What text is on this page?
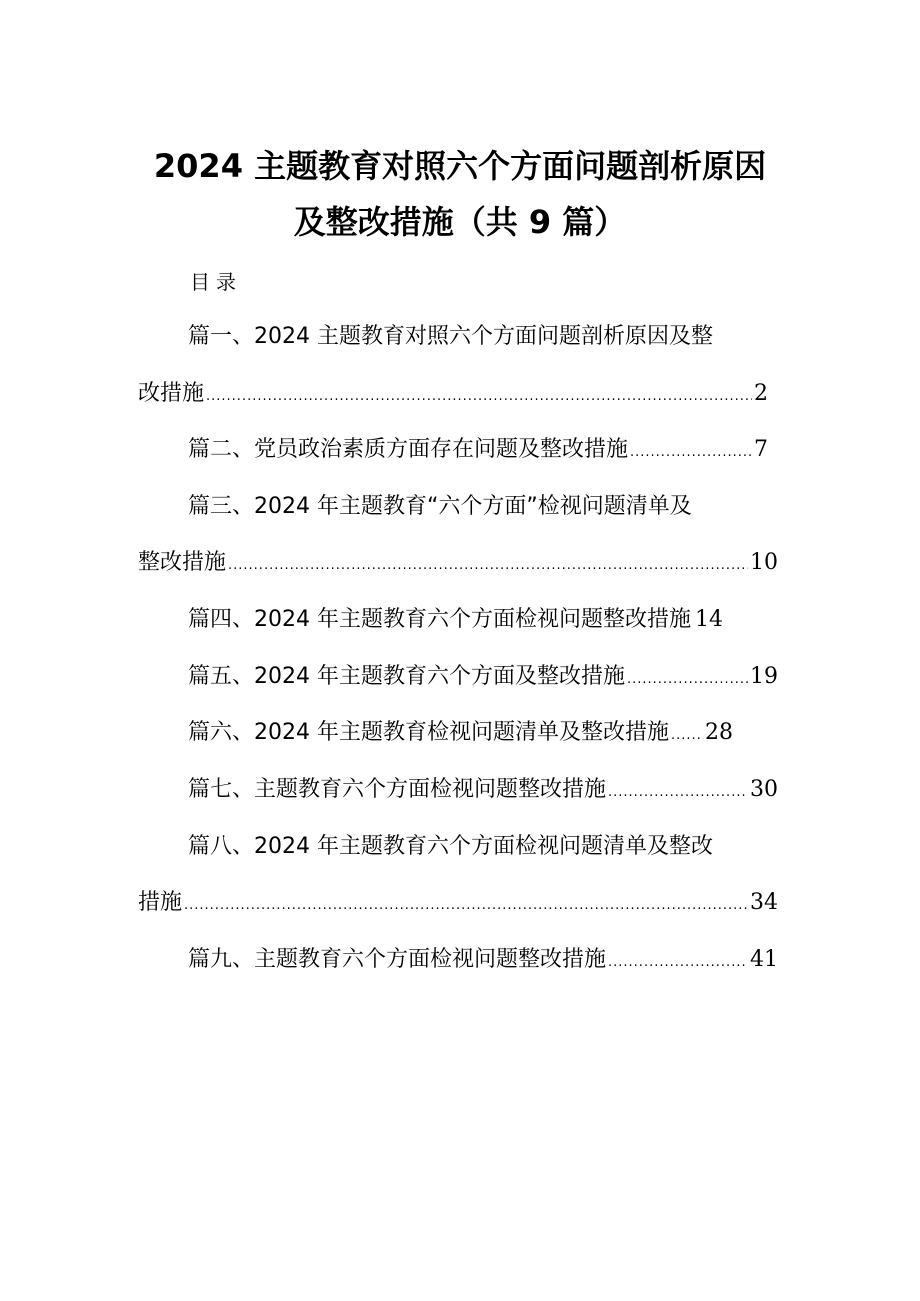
2024 主题教育对照六个方面问题剖析原因
及整改措施（共 9 篇）
目录
篇一、2024 主题教育对照六个方面问题剖析原因及整
改措施 .....	2
篇二、党员政治素质方面存在问题及整改措施 .....	7
篇三、2024 年主题教育“六个方面”检视问题清单及
整改措施 .....	10
篇四、2024 年主题教育六个方面检视问题整改措施 14
篇五、2024 年主题教育六个方面及整改措施 .....	19
篇六、2024 年主题教育检视问题清单及整改措施 ..... 28
篇七、主题教育六个方面检视问题整改措施 .....	30
篇八、2024 年主题教育六个方面检视问题清单及整改
措施 .....	34
篇九、主题教育六个方面检视问题整改措施 .....	41
